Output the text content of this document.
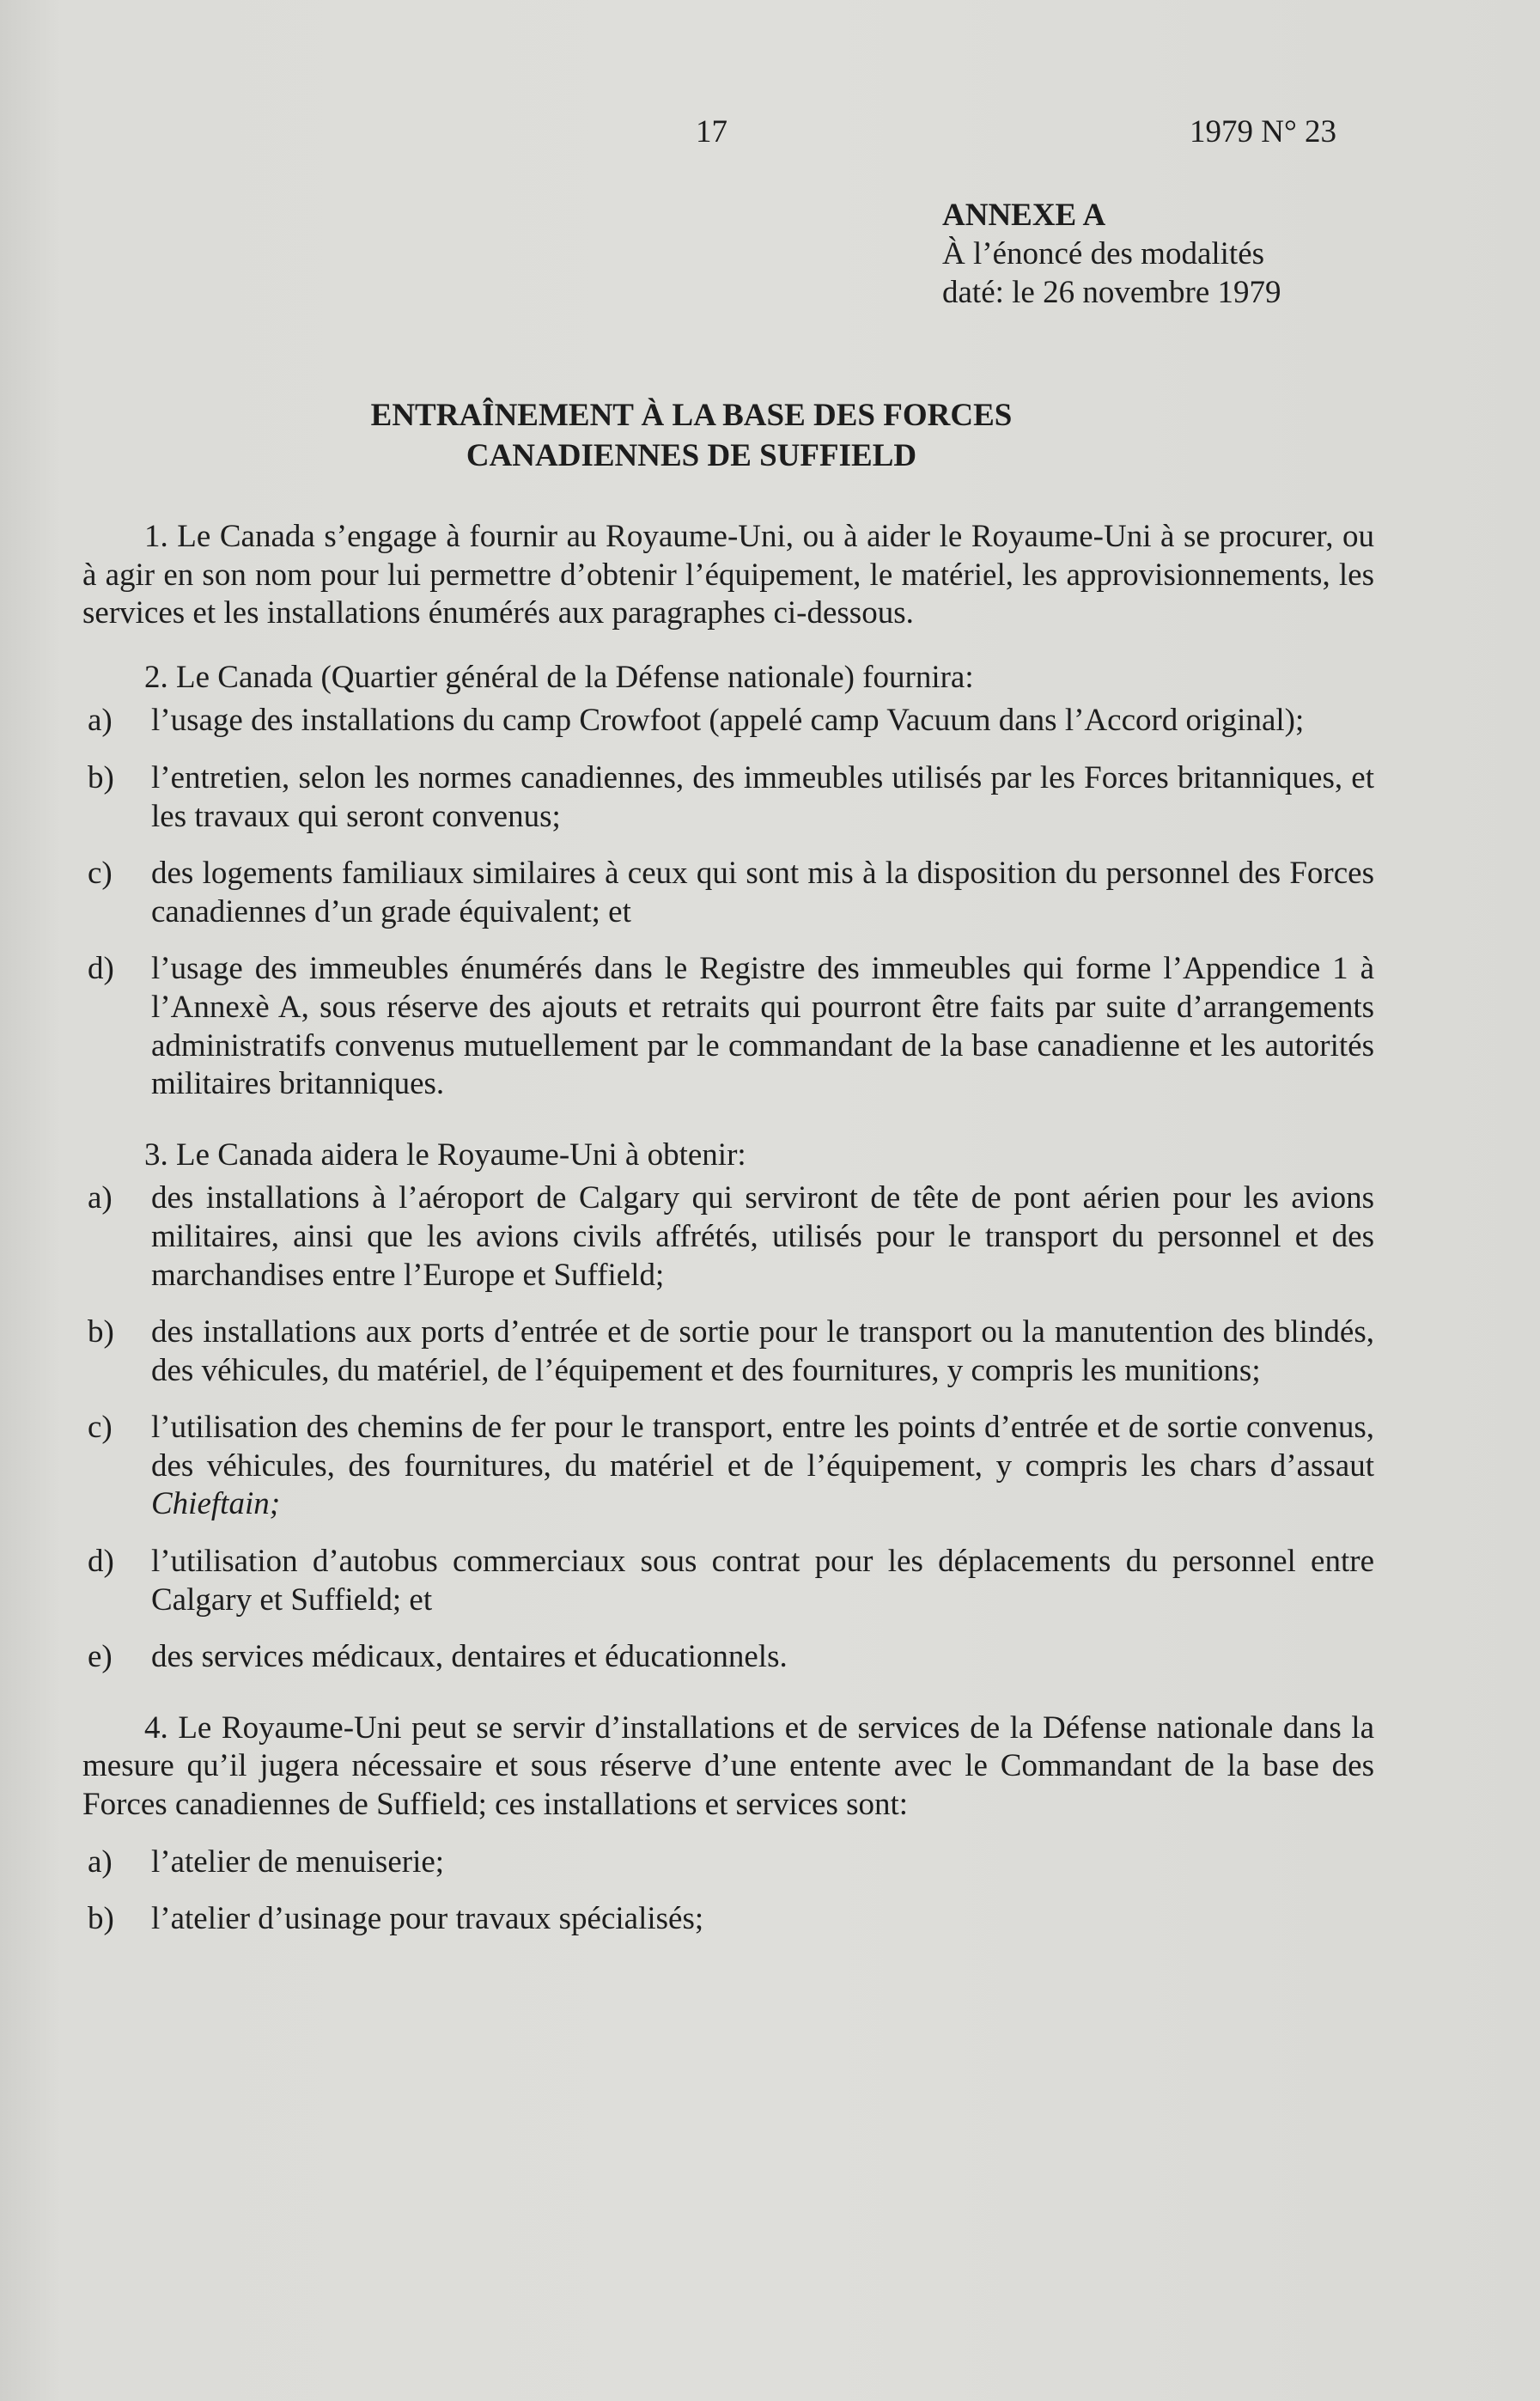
17	1979 N° 23
ANNEXE A
À l’énoncé des modalités
daté: le 26 novembre 1979
ENTRAÎNEMENT À LA BASE DES FORCES
CANADIENNES DE SUFFIELD

1. Le Canada s’engage à fournir au Royaume-Uni, ou à aider le Royaume-Uni à se procurer, ou à agir en son nom pour lui permettre d’obtenir l’équipement, le matériel, les approvisionnements, les services et les installations énumérés aux paragraphes ci-dessous.

2. Le Canada (Quartier général de la Défense nationale) fournira:

a)	l’usage des installations du camp Crowfoot (appelé camp Vacuum dans l’Accord original);
b)	l’entretien, selon les normes canadiennes, des immeubles utilisés par les Forces britanniques, et les travaux qui seront convenus;
c)	des logements familiaux similaires à ceux qui sont mis à la disposition du personnel des Forces canadiennes d’un grade équivalent; et
d)	l’usage des immeubles énumérés dans le Registre des immeubles qui forme l’Appendice 1 à l’Annexè A, sous réserve des ajouts et retraits qui pourront être faits par suite d’arrangements administratifs convenus mutuellement par le commandant de la base canadienne et les autorités militaires britanniques.

3. Le Canada aidera le Royaume-Uni à obtenir:

a)	des installations à l’aéroport de Calgary qui serviront de tête de pont aérien pour les avions militaires, ainsi que les avions civils affrétés, utilisés pour le transport du personnel et des marchandises entre l’Europe et Suffield;
b)	des installations aux ports d’entrée et de sortie pour le transport ou la manutention des blindés, des véhicules, du matériel, de l’équipement et des fournitures, y compris les munitions;
c)	l’utilisation des chemins de fer pour le transport, entre les points d’entrée et de sortie convenus, des véhicules, des fournitures, du matériel et de l’équipement, y compris les chars d’assaut Chieftain;
d)	l’utilisation d’autobus commerciaux sous contrat pour les déplacements du personnel entre Calgary et Suffield; et
e)	des services médicaux, dentaires et éducationnels.

4. Le Royaume-Uni peut se servir d’installations et de services de la Défense nationale dans la mesure qu’il jugera nécessaire et sous réserve d’une entente avec le Commandant de la base des Forces canadiennes de Suffield; ces installations et services sont:

a)	l’atelier de menuiserie;
b)	l’atelier d’usinage pour travaux spécialisés;
